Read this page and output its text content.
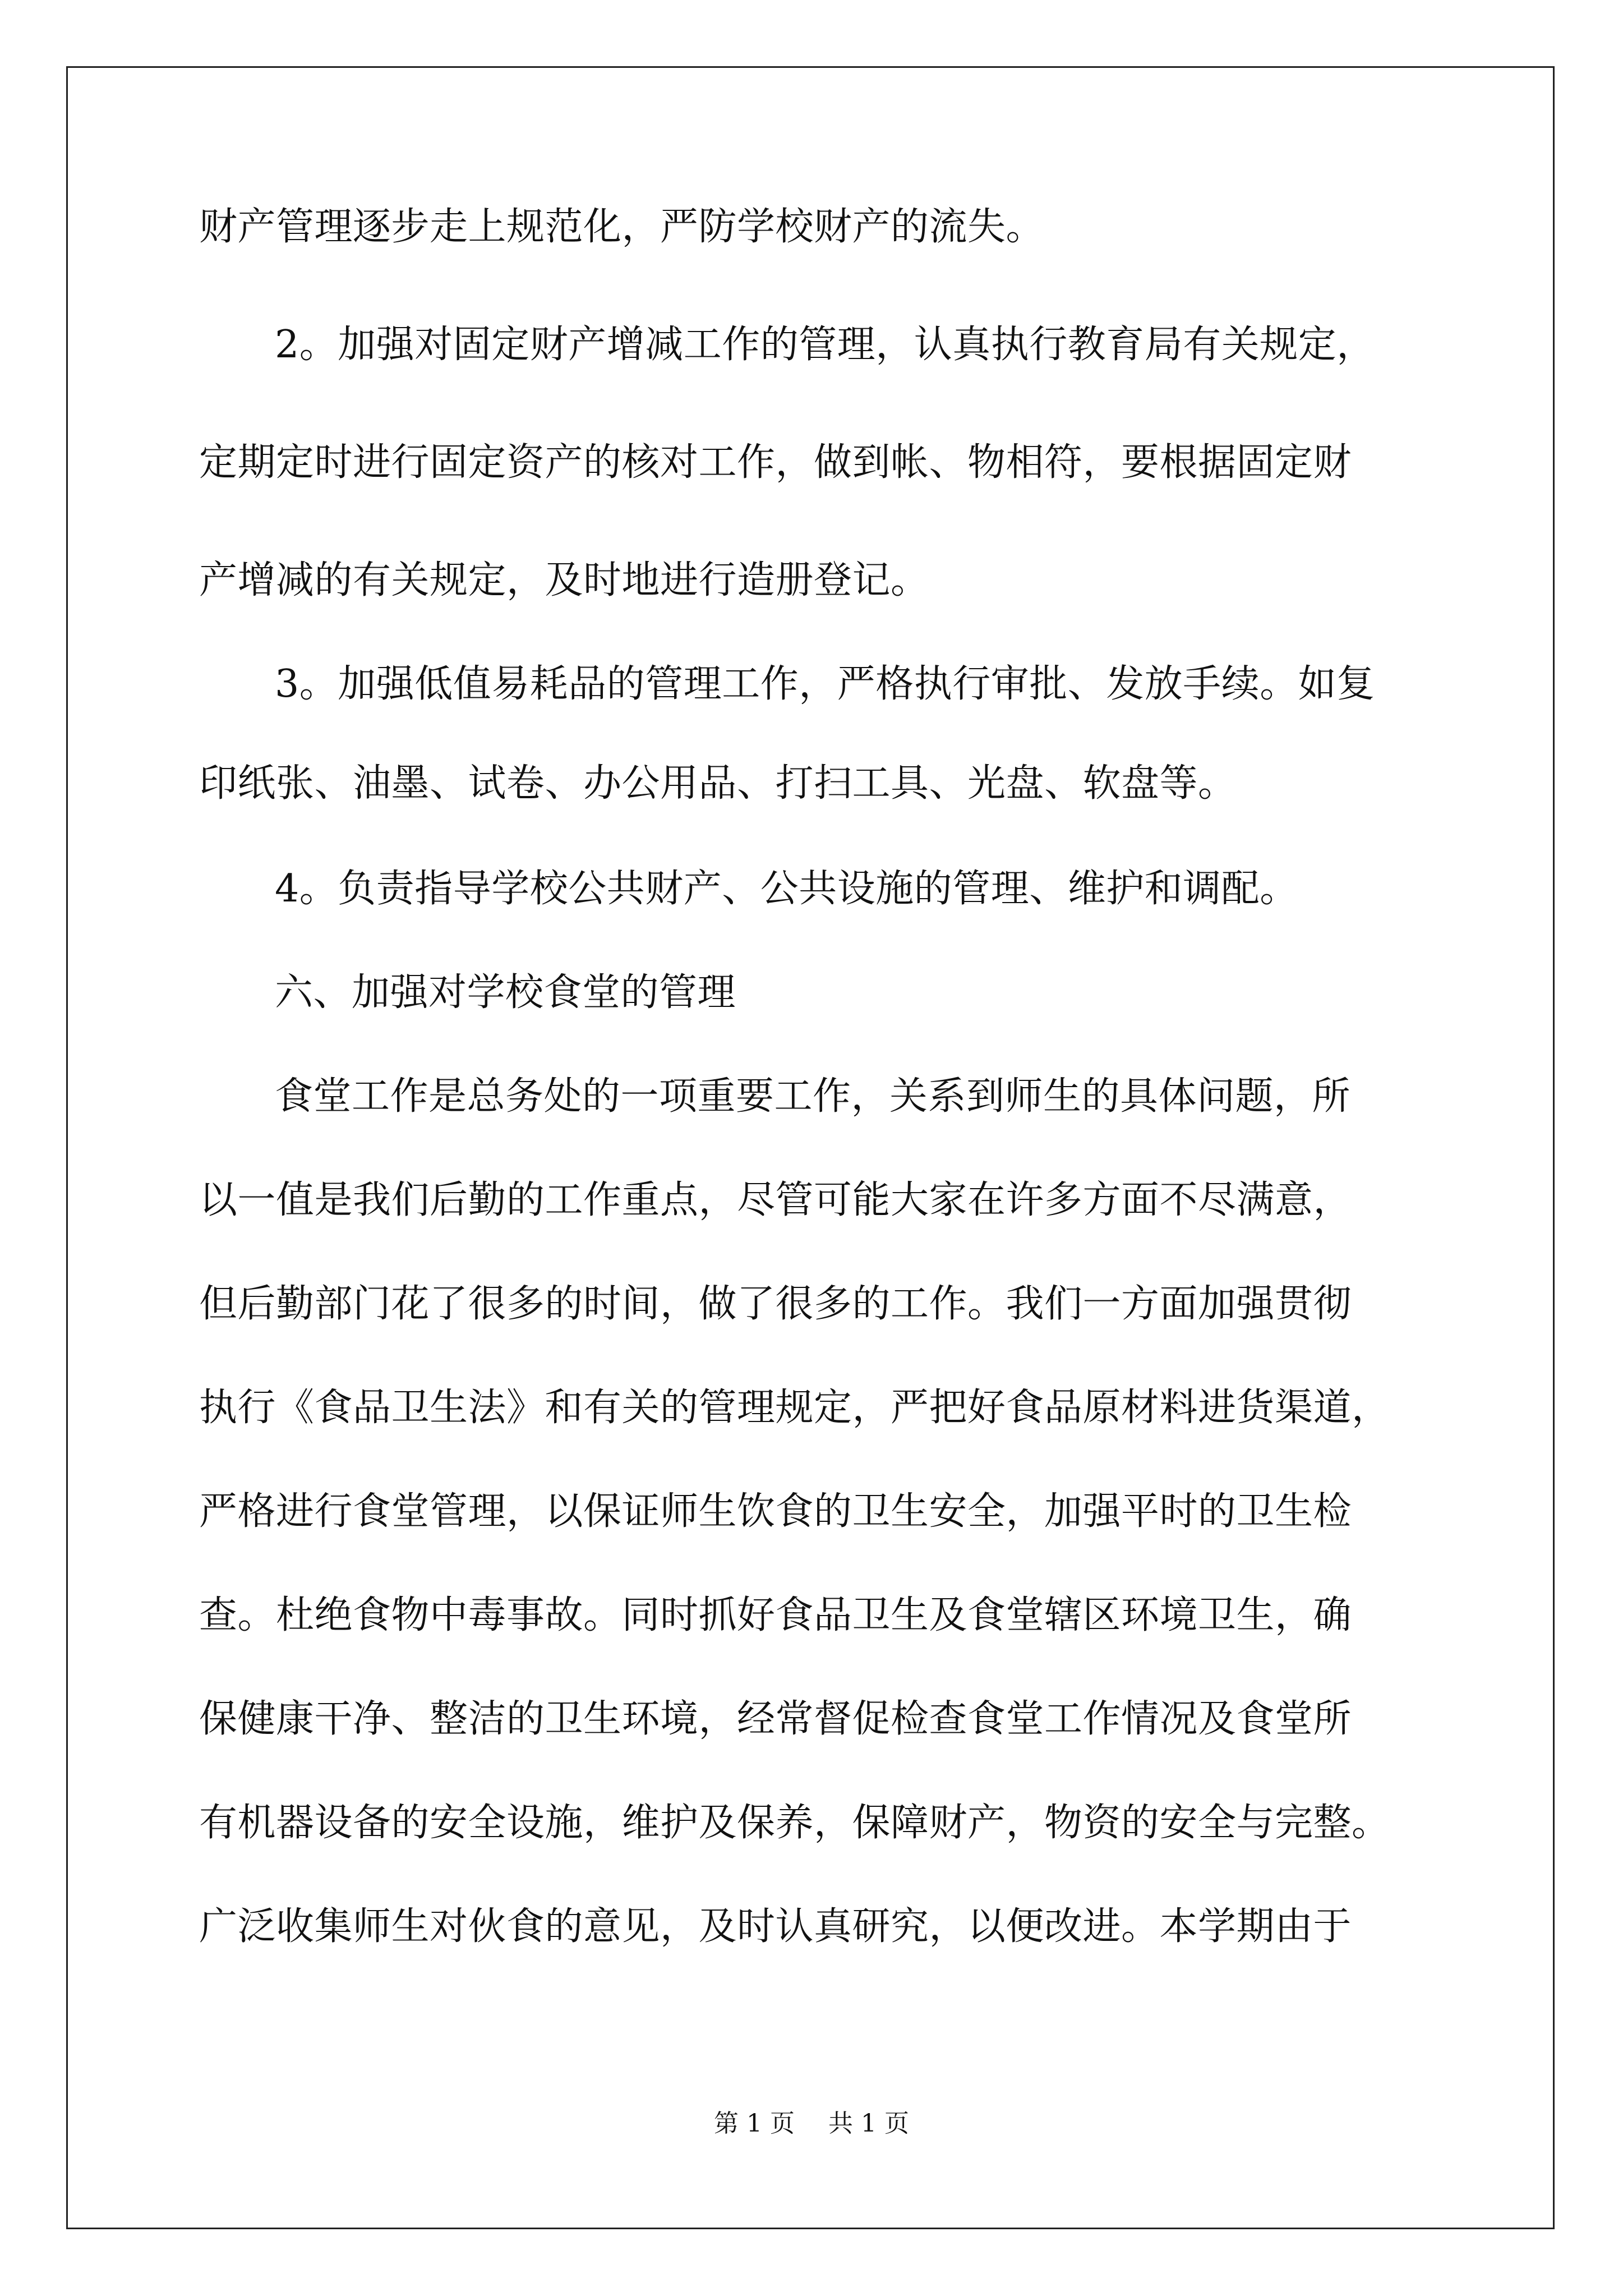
财产管理逐步走上规范化，严防学校财产的流失。
2。加强对固定财产增减工作的管理，认真执行教育局有关规定，
定期定时进行固定资产的核对工作，做到帐、物相符，要根据固定财
产增减的有关规定，及时地进行造册登记。
3。加强低值易耗品的管理工作，严格执行审批、发放手续。如复
印纸张、油墨、试卷、办公用品、打扫工具、光盘、软盘等。
4。负责指导学校公共财产、公共设施的管理、维护和调配。
六、加强对学校食堂的管理
食堂工作是总务处的一项重要工作，关系到师生的具体问题，所
以一值是我们后勤的工作重点，尽管可能大家在许多方面不尽满意，
但后勤部门花了很多的时间，做了很多的工作。我们一方面加强贯彻
执行《食品卫生法》和有关的管理规定，严把好食品原材料进货渠道，
严格进行食堂管理，以保证师生饮食的卫生安全，加强平时的卫生检
查。杜绝食物中毒事故。同时抓好食品卫生及食堂辖区环境卫生，确
保健康干净、整洁的卫生环境，经常督促检查食堂工作情况及食堂所
有机器设备的安全设施，维护及保养，保障财产，物资的安全与完整。
广泛收集师生对伙食的意见，及时认真研究，以便改进。本学期由于
第 1 页 共 1 页
